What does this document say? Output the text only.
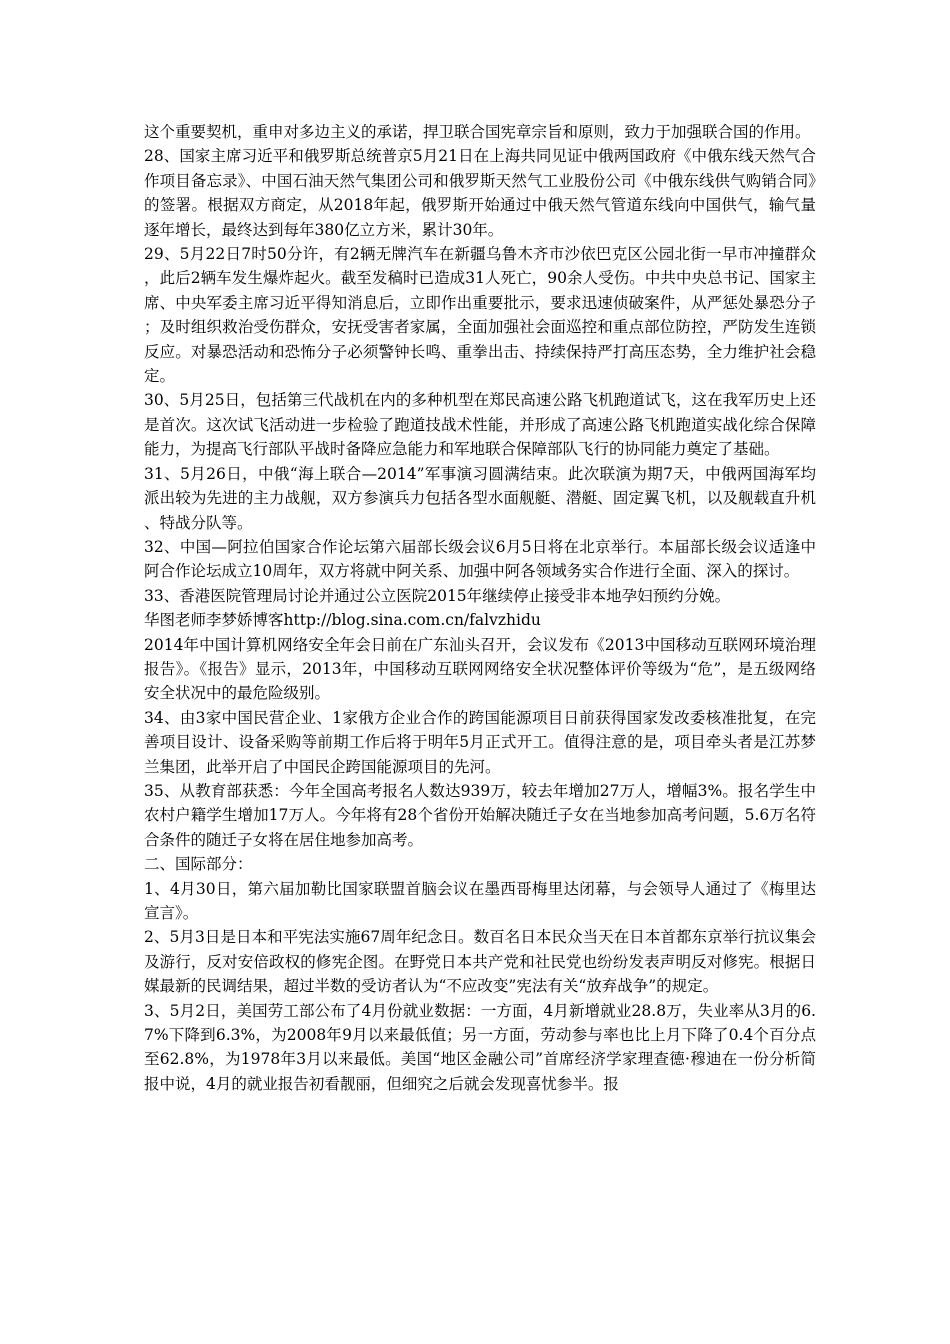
这个重要契机，重申对多边主义的承诺，捍卫联合国宪章宗旨和原则，致力于加强联合国的作用。

28、国家主席习近平和俄罗斯总统普京5月21日在上海共同见证中俄两国政府《中俄东线天然气合作项目备忘录》、中国石油天然气集团公司和俄罗斯天然气工业股份公司《中俄东线供气购销合同》的签署。根据双方商定，从2018年起，俄罗斯开始通过中俄天然气管道东线向中国供气，输气量逐年增长，最终达到每年380亿立方米，累计30年。

29、5月22日7时50分许，有2辆无牌汽车在新疆乌鲁木齐市沙依巴克区公园北街一早市冲撞群众，此后2辆车发生爆炸起火。截至发稿时已造成31人死亡，90余人受伤。中共中央总书记、国家主席、中央军委主席习近平得知消息后，立即作出重要批示，要求迅速侦破案件，从严惩处暴恐分子；及时组织救治受伤群众，安抚受害者家属，全面加强社会面巡控和重点部位防控，严防发生连锁反应。对暴恐活动和恐怖分子必须警钟长鸣、重拳出击、持续保持严打高压态势，全力维护社会稳定。

30、5月25日，包括第三代战机在内的多种机型在郑民高速公路飞机跑道试飞，这在我军历史上还是首次。这次试飞活动进一步检验了跑道技战术性能，并形成了高速公路飞机跑道实战化综合保障能力，为提高飞行部队平战时备降应急能力和军地联合保障部队飞行的协同能力奠定了基础。

31、5月26日，中俄“海上联合—2014”军事演习圆满结束。此次联演为期7天，中俄两国海军均派出较为先进的主力战舰，双方参演兵力包括各型水面舰艇、潜艇、固定翼飞机，以及舰载直升机、特战分队等。

32、中国—阿拉伯国家合作论坛第六届部长级会议6月5日将在北京举行。本届部长级会议适逢中阿合作论坛成立10周年，双方将就中阿关系、加强中阿各领域务实合作进行全面、深入的探讨。

33、香港医院管理局讨论并通过公立医院2015年继续停止接受非本地孕妇预约分娩。

华图老师李梦娇博客http://blog.sina.com.cn/falvzhidu

2014年中国计算机网络安全年会日前在广东汕头召开，会议发布《2013中国移动互联网环境治理报告》。《报告》显示，2013年，中国移动互联网网络安全状况整体评价等级为“危”，是五级网络安全状况中的最危险级别。

34、由3家中国民营企业、1家俄方企业合作的跨国能源项目日前获得国家发改委核准批复，在完善项目设计、设备采购等前期工作后将于明年5月正式开工。值得注意的是，项目牵头者是江苏梦兰集团，此举开启了中国民企跨国能源项目的先河。

35、从教育部获悉：今年全国高考报名人数达939万，较去年增加27万人，增幅3%。报名学生中农村户籍学生增加17万人。今年将有28个省份开始解决随迁子女在当地参加高考问题，5.6万名符合条件的随迁子女将在居住地参加高考。

二、国际部分：

1、4月30日，第六届加勒比国家联盟首脑会议在墨西哥梅里达闭幕，与会领导人通过了《梅里达宣言》。

2、5月3日是日本和平宪法实施67周年纪念日。数百名日本民众当天在日本首都东京举行抗议集会及游行，反对安倍政权的修宪企图。在野党日本共产党和社民党也纷纷发表声明反对修宪。根据日媒最新的民调结果，超过半数的受访者认为“不应改变”宪法有关“放弃战争”的规定。

3、5月2日，美国劳工部公布了4月份就业数据：一方面，4月新增就业28.8万，失业率从3月的6.7%下降到6.3%，为2008年9月以来最低值；另一方面，劳动参与率也比上月下降了0.4个百分点至62.8%，为1978年3月以来最低。美国“地区金融公司”首席经济学家理查德·穆迪在一份分析简报中说，4月的就业报告初看靓丽，但细究之后就会发现喜忧参半。报
